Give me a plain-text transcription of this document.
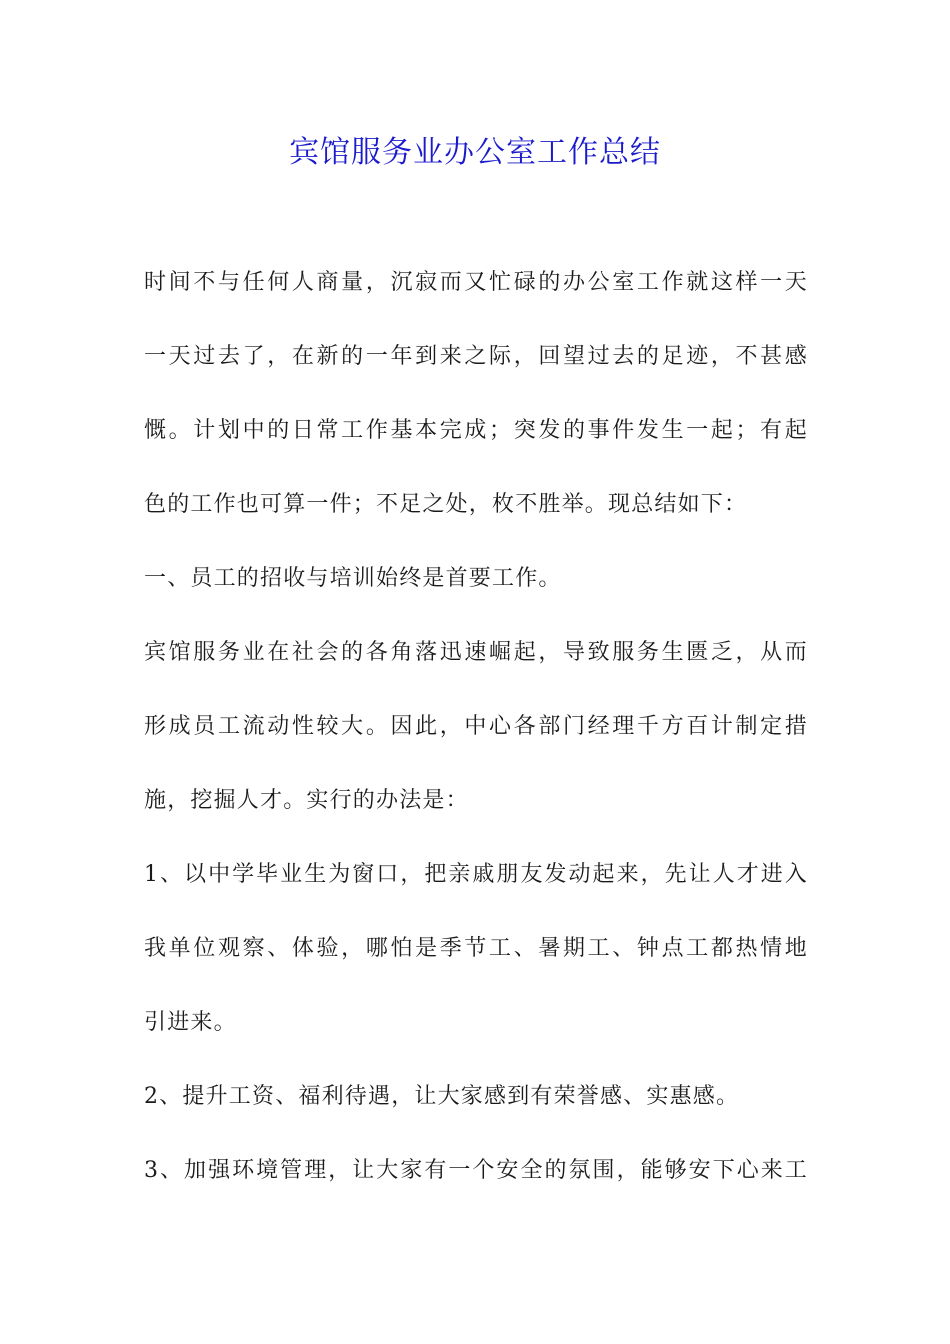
宾馆服务业办公室工作总结
时间不与任何人商量，沉寂而又忙碌的办公室工作就这样一天
一天过去了，在新的一年到来之际，回望过去的足迹，不甚感
慨。计划中的日常工作基本完成；突发的事件发生一起；有起
色的工作也可算一件；不足之处，枚不胜举。现总结如下：
一、员工的招收与培训始终是首要工作。
宾馆服务业在社会的各角落迅速崛起，导致服务生匮乏，从而
形成员工流动性较大。因此，中心各部门经理千方百计制定措
施，挖掘人才。实行的办法是：
1、以中学毕业生为窗口，把亲戚朋友发动起来，先让人才进入
我单位观察、体验，哪怕是季节工、暑期工、钟点工都热情地
引进来。
2、提升工资、福利待遇，让大家感到有荣誉感、实惠感。
3、加强环境管理，让大家有一个安全的氛围，能够安下心来工
